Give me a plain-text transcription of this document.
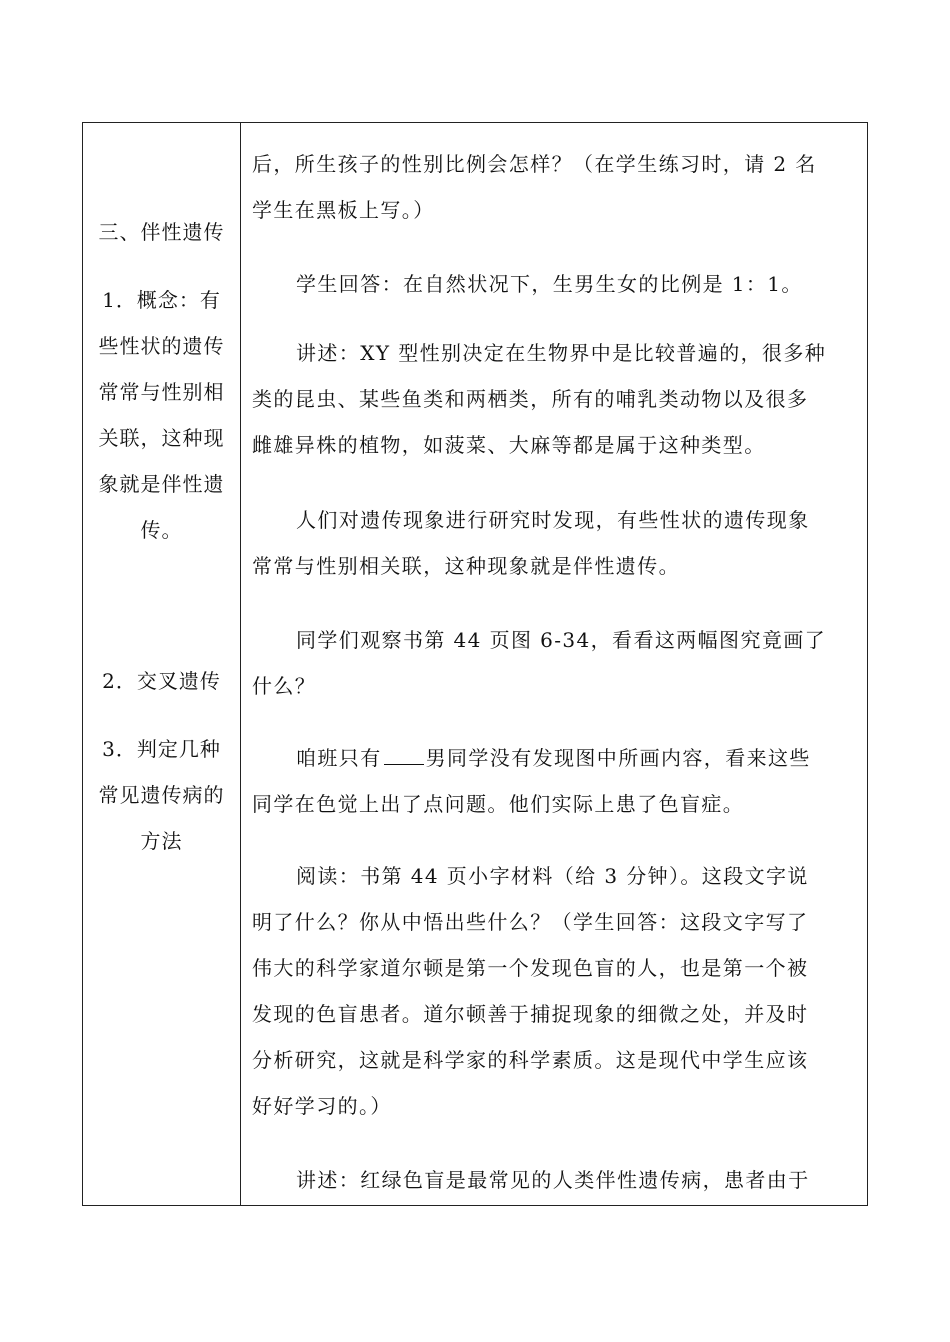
三、伴性遗传
1．概念：有
些性状的遗传
常常与性别相
关联，这种现
象就是伴性遗
传。
2．交叉遗传
3．判定几种
常见遗传病的
方法
后，所生孩子的性别比例会怎样？（在学生练习时，请 2 名
学生在黑板上写。）
学生回答：在自然状况下，生男生女的比例是 1：1。
讲述：XY 型性别决定在生物界中是比较普遍的，很多种
类的昆虫、某些鱼类和两栖类，所有的哺乳类动物以及很多
雌雄异株的植物，如菠菜、大麻等都是属于这种类型。
人们对遗传现象进行研究时发现，有些性状的遗传现象
常常与性别相关联，这种现象就是伴性遗传。
同学们观察书第 44 页图 6-34，看看这两幅图究竟画了
什么？
咱班只有 男同学没有发现图中所画内容，看来这些
同学在色觉上出了点问题。他们实际上患了色盲症。
阅读：书第 44 页小字材料（给 3 分钟）。这段文字说
明了什么？你从中悟出些什么？（学生回答：这段文字写了
伟大的科学家道尔顿是第一个发现色盲的人，也是第一个被
发现的色盲患者。道尔顿善于捕捉现象的细微之处，并及时
分析研究，这就是科学家的科学素质。这是现代中学生应该
好好学习的。）
讲述：红绿色盲是最常见的人类伴性遗传病，患者由于
